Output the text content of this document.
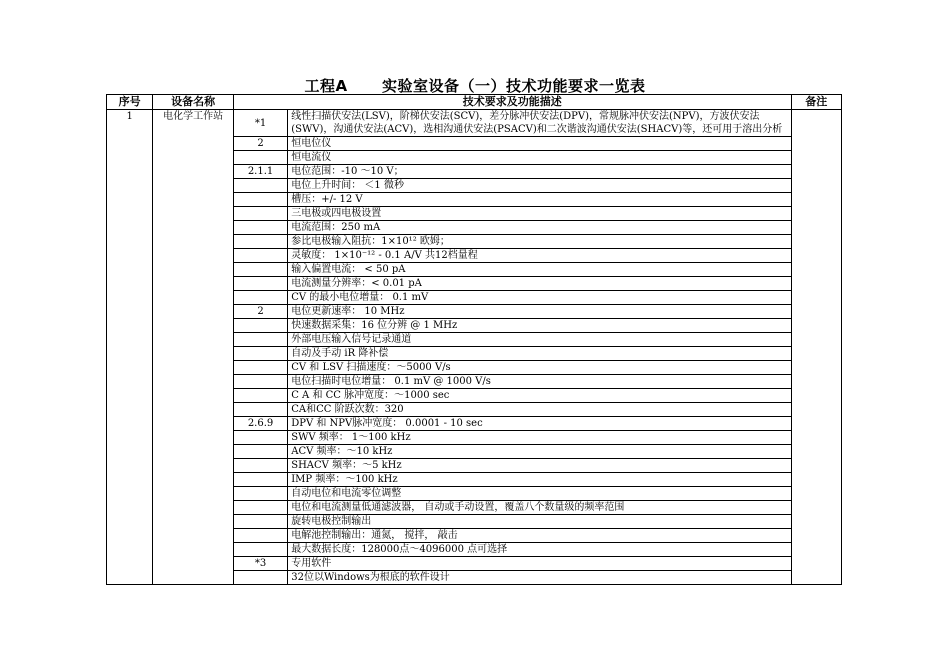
工程A      实验室设备（一）技术功能要求一览表
序号	设备名称	技术要求及功能描述		备注
1	电化学工作站	*1	线性扫描伏安法(LSV)，阶梯伏安法(SCV)，差分脉冲伏安法(DPV)，常规脉冲伏安法(NPV)，方波伏安法(SWV)，沟通伏安法(ACV)，选相沟通伏安法(PSACV)和二次谐波沟通伏安法(SHACV)等，还可用于溶出分析	
		2	恒电位仪	
			恒电流仪	
		2.1.1	电位范围：-10 ～10 V；	
			电位上升时间： ＜1 微秒	
			槽压：+/- 12 V	
			三电极或四电极设置	
			电流范围：250 mA	
			参比电极输入阻抗：1×10¹² 欧姆；	
			灵敏度： 1×10⁻¹² - 0.1 A/V 共12档量程	
			输入偏置电流： < 50 pA	
			电流测量分辨率：< 0.01 pA	
			CV 的最小电位增量： 0.1 mV	
		2	电位更新速率： 10 MHz	
			快速数据采集：16 位分辨 @ 1 MHz	
			外部电压输入信号记录通道	
			自动及手动 iR 降补偿	
			CV 和 LSV 扫描速度：～5000 V/s	
			电位扫描时电位增量： 0.1 mV @ 1000 V/s	
			C A 和 CC 脉冲宽度：～1000 sec	
			CA和CC 阶跃次数：320	
		2.6.9	DPV 和 NPV脉冲宽度： 0.0001 - 10 sec	
			SWV 频率： 1～100 kHz	
			ACV 频率：～10 kHz	
			SHACV 频率：～5 kHz	
			IMP 频率：～100 kHz	
			自动电位和电流零位调整	
			电位和电流测量低通滤波器， 自动或手动设置，覆盖八个数量级的频率范围	
			旋转电极控制输出	
			电解池控制输出：通氮， 搅拌， 敲击	
			最大数据长度：128000点～4096000 点可选择	
		*3	专用软件	
			32位以Windows为根底的软件设计	
